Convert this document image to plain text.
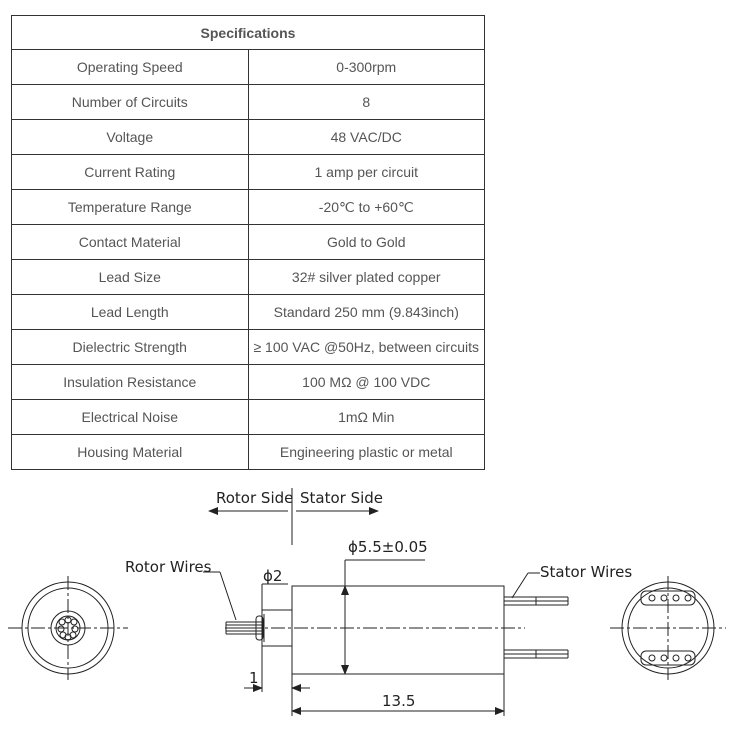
Specifications	
Operating Speed	0-300rpm
Number of Circuits	8
Voltage	48 VAC/DC
Current Rating	1 amp per circuit
Temperature Range	-20℃ to +60℃
Contact Material	Gold to Gold
Lead Size	32# silver plated copper
Lead Length	Standard 250 mm (9.843inch)
Dielectric Strength	≥ 100 VAC @50Hz, between circuits
Insulation Resistance	100 MΩ @ 100 VDC
Electrical Noise	1mΩ Min
Housing Material	Engineering plastic or metal
Rotor Side Stator Side
Rotor Wires	Stator Wires
ϕ5.5±0.05
ϕ2
1
13.5
